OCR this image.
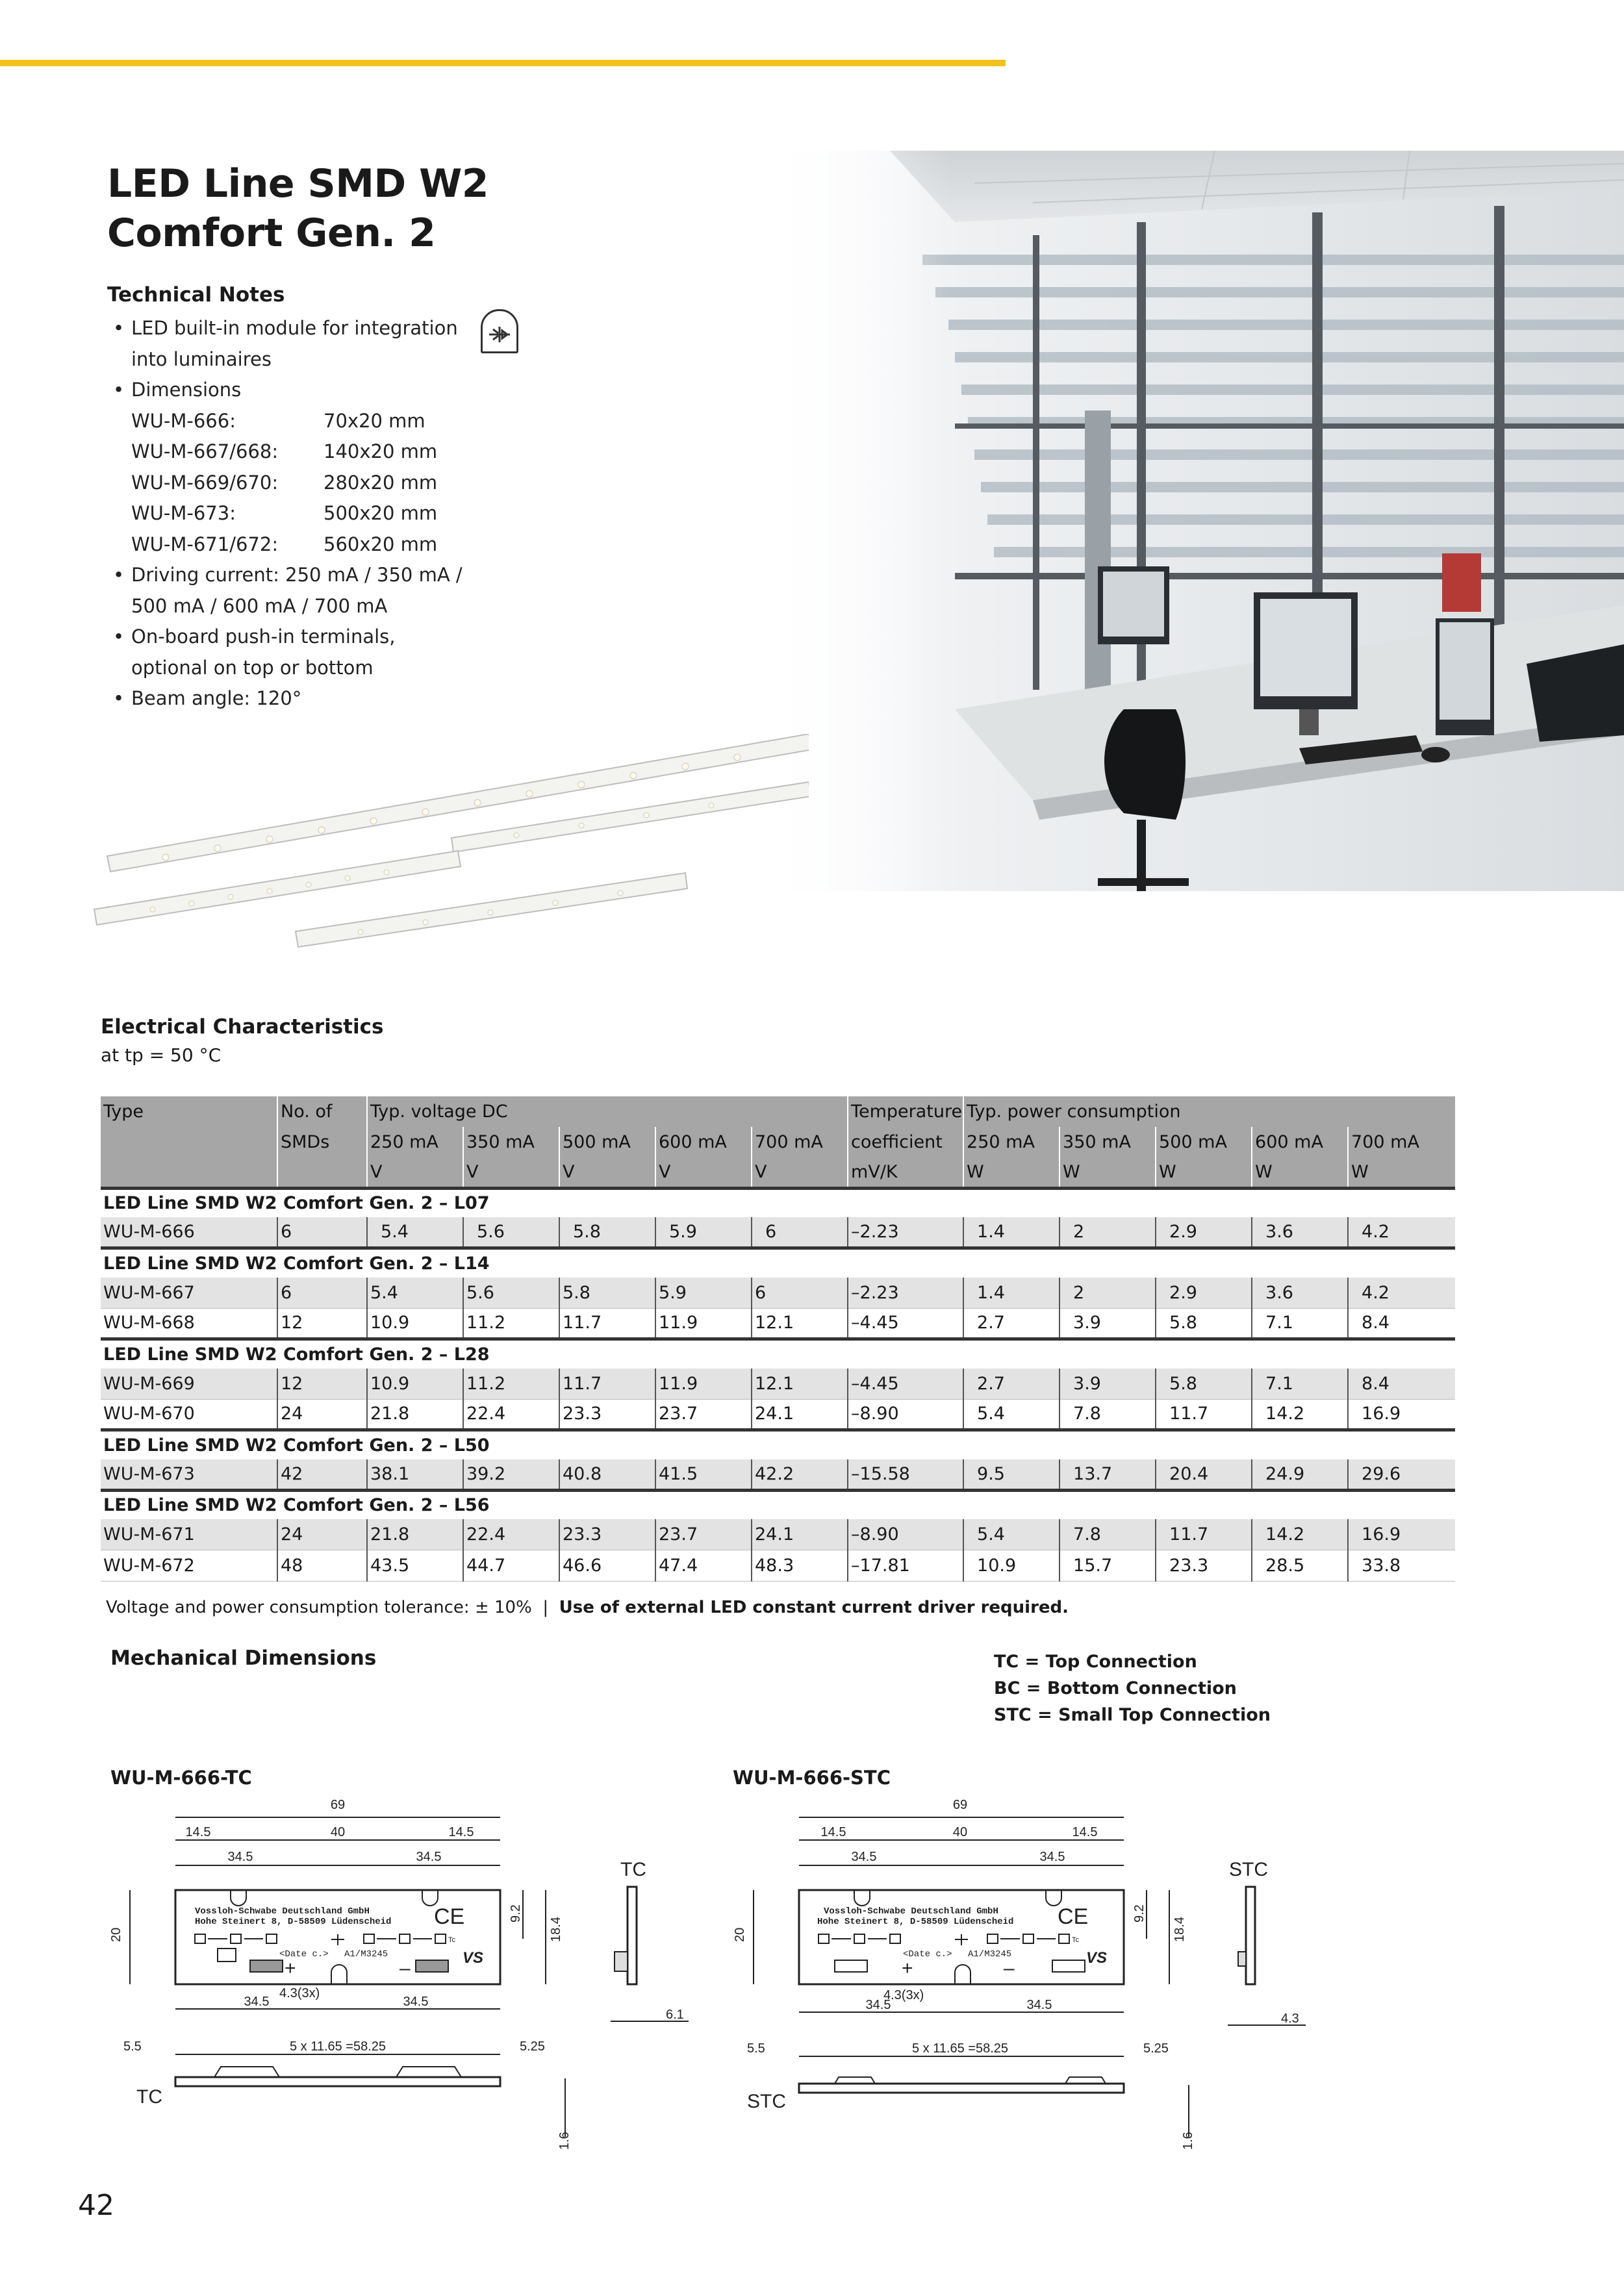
LED Line SMD W2
Comfort Gen. 2
Technical Notes
• LED built-in module for integration
into luminaires
• Dimensions
WU-M-666:	70x20 mm
WU-M-667/668:	140x20 mm
WU-M-669/670:	280x20 mm
WU-M-673:	500x20 mm
WU-M-671/672:	560x20 mm
• Driving current: 250 mA / 350 mA /
500 mA / 600 mA / 700 mA
• On-board push-in terminals,
optional on top or bottom
• Beam angle: 120°
Electrical Characteristics
at tp = 50 °C
Type	No. of	Typ. voltage DC					Temperature	Typ. power consumption				
	SMDs	250 mA	350 mA	500 mA	600 mA	700 mA	coefficient	250 mA	350 mA	500 mA	600 mA	700 mA
		V	V	V	V	V	mV/K	W	W	W	W	W
LED Line SMD W2 Comfort Gen. 2 – L07												
WU-M-666	6	5.4	5.6	5.8	5.9	6	–2.23	1.4	2	2.9	3.6	4.2
LED Line SMD W2 Comfort Gen. 2 – L14												
WU-M-667	6	5.4	5.6	5.8	5.9	6	–2.23	1.4	2	2.9	3.6	4.2
WU-M-668	12	10.9	11.2	11.7	11.9	12.1	–4.45	2.7	3.9	5.8	7.1	8.4
LED Line SMD W2 Comfort Gen. 2 – L28												
WU-M-669	12	10.9	11.2	11.7	11.9	12.1	–4.45	2.7	3.9	5.8	7.1	8.4
WU-M-670	24	21.8	22.4	23.3	23.7	24.1	–8.90	5.4	7.8	11.7	14.2	16.9
LED Line SMD W2 Comfort Gen. 2 – L50												
WU-M-673	42	38.1	39.2	40.8	41.5	42.2	–15.58	9.5	13.7	20.4	24.9	29.6
LED Line SMD W2 Comfort Gen. 2 – L56												
WU-M-671	24	21.8	22.4	23.3	23.7	24.1	–8.90	5.4	7.8	11.7	14.2	16.9
WU-M-672	48	43.5	44.7	46.6	47.4	48.3	–17.81	10.9	15.7	23.3	28.5	33.8
Voltage and power consumption tolerance: ± 10% | Use of external LED constant current driver required.
Mechanical Dimensions	TC = Top Connection
BC = Bottom Connection
STC = Small Top Connection
WU-M-666-TC	WU-M-666-STC
69
14.5	40	14.5
34.5	34.5
Vossloh-Schwabe Deutschland GmbH
Hohe Steinert 8, D-58509 Lüdenscheid CE
VS
Tc
<Date c.> A1/M3245
+	–
20
9.2
18.4
4.3(3x)
34.5	34.5
5 x 11.65 =58.25
5.5	5.25
TC
1.6
TC
6.1
69
14.5	40	14.5
34.5	34.5
Vossloh-Schwabe Deutschland GmbH
Hohe Steinert 8, D-58509 Lüdenscheid CE
VS
Tc
<Date c.> A1/M3245
+	–
20
9.2
18.4
4.3(3x)
34.5	34.5
5 x 11.65 =58.25
5.5	5.25
STC
1.6
STC
4.3
42
